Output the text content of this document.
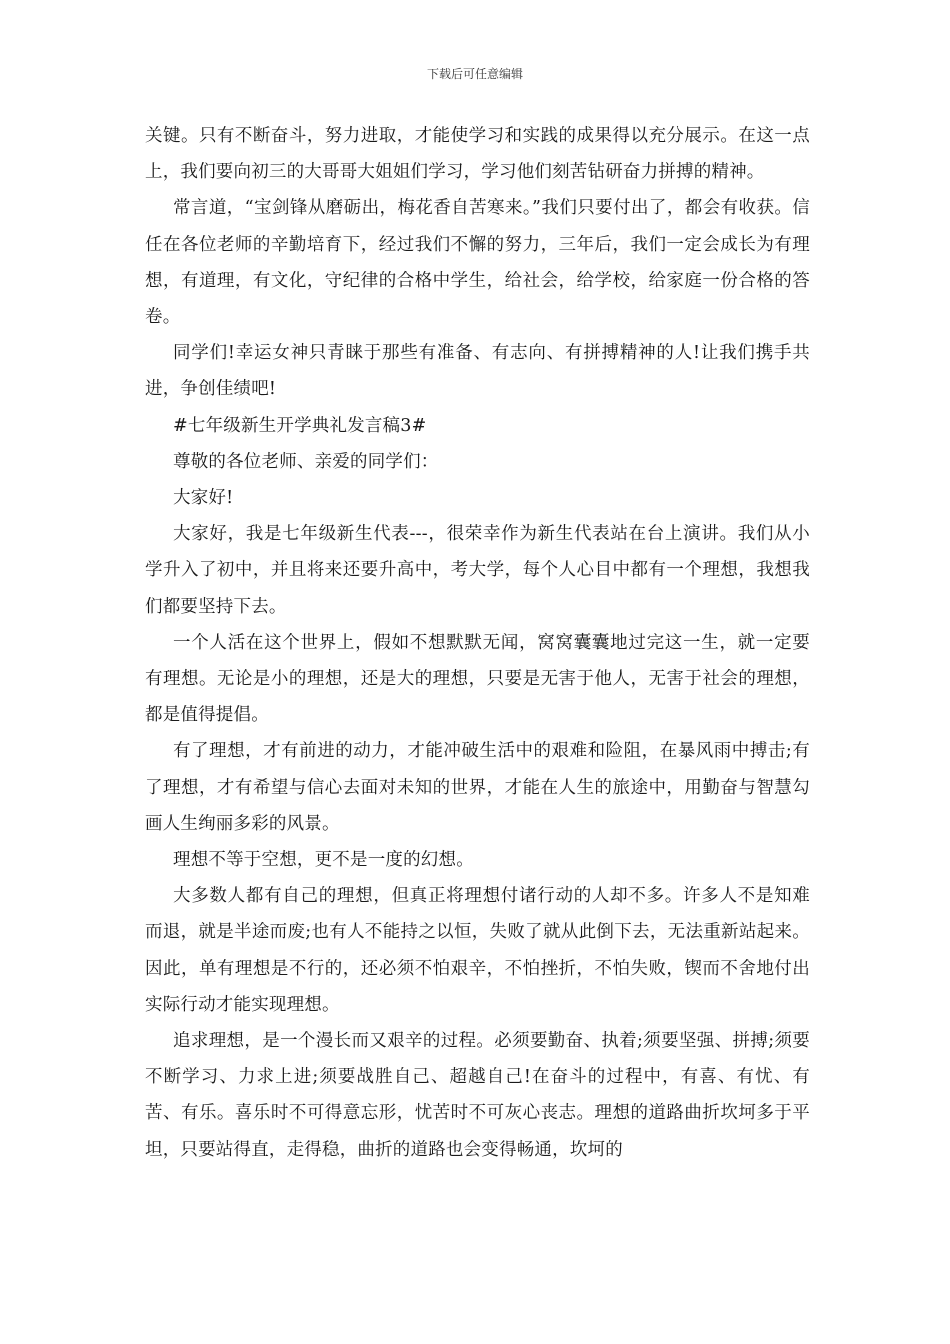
下载后可任意编辑

关键。只有不断奋斗，努力进取，才能使学习和实践的成果得以充分展示。在这一点上，我们要向初三的大哥哥大姐姐们学习，学习他们刻苦钻研奋力拼搏的精神。

常言道，“宝剑锋从磨砺出，梅花香自苦寒来。”我们只要付出了，都会有收获。信任在各位老师的辛勤培育下，经过我们不懈的努力，三年后，我们一定会成长为有理想，有道理，有文化，守纪律的合格中学生，给社会，给学校，给家庭一份合格的答卷。

同学们!幸运女神只青睐于那些有准备、有志向、有拼搏精神的人!让我们携手共进，争创佳绩吧!

#七年级新生开学典礼发言稿3#

尊敬的各位老师、亲爱的同学们：

大家好!

大家好，我是七年级新生代表---，很荣幸作为新生代表站在台上演讲。我们从小学升入了初中，并且将来还要升高中，考大学，每个人心目中都有一个理想，我想我们都要坚持下去。

一个人活在这个世界上，假如不想默默无闻，窝窝囊囊地过完这一生，就一定要有理想。无论是小的理想，还是大的理想，只要是无害于他人，无害于社会的理想，都是值得提倡。

有了理想，才有前进的动力，才能冲破生活中的艰难和险阻，在暴风雨中搏击;有了理想，才有希望与信心去面对未知的世界，才能在人生的旅途中，用勤奋与智慧勾画人生绚丽多彩的风景。

理想不等于空想，更不是一度的幻想。

大多数人都有自己的理想，但真正将理想付诸行动的人却不多。许多人不是知难而退，就是半途而废;也有人不能持之以恒，失败了就从此倒下去，无法重新站起来。因此，单有理想是不行的，还必须不怕艰辛，不怕挫折，不怕失败，锲而不舍地付出实际行动才能实现理想。

追求理想，是一个漫长而又艰辛的过程。必须要勤奋、执着;须要坚强、拼搏;须要不断学习、力求上进;须要战胜自己、超越自己!在奋斗的过程中，有喜、有忧、有苦、有乐。喜乐时不可得意忘形，忧苦时不可灰心丧志。理想的道路曲折坎坷多于平坦，只要站得直，走得稳，曲折的道路也会变得畅通，坎坷的
